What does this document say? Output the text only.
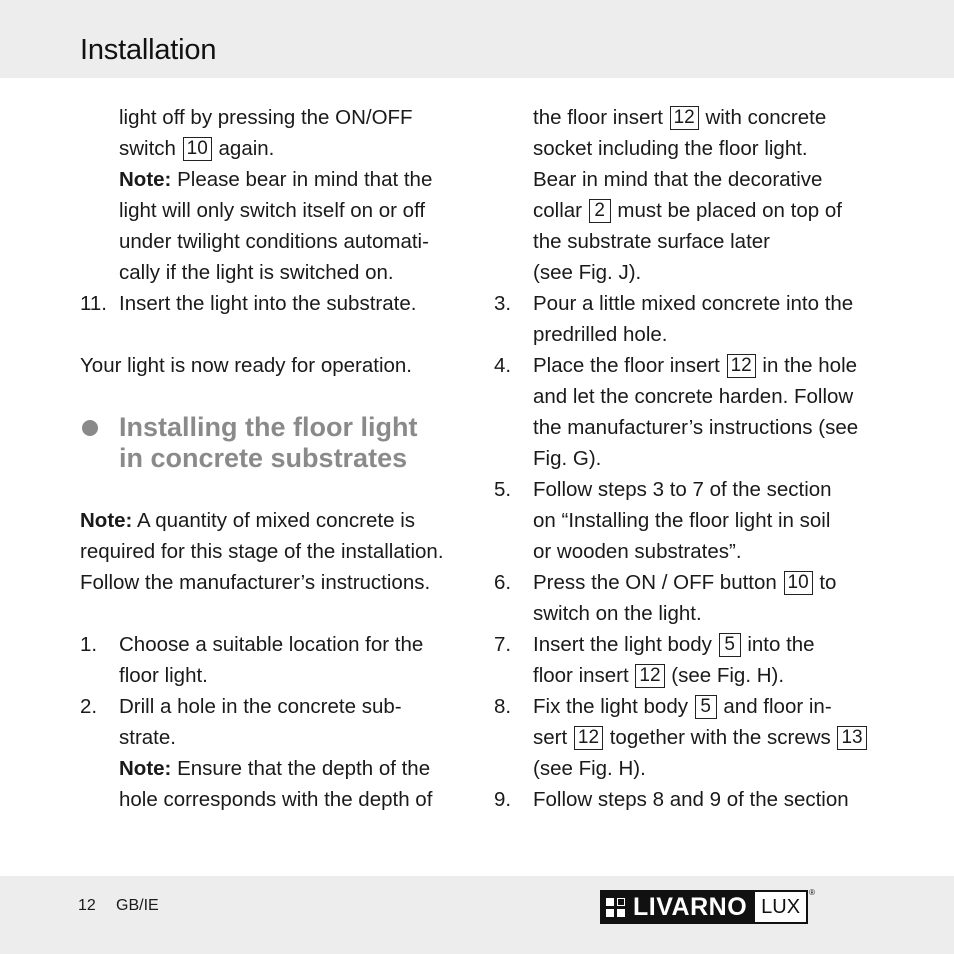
Installation

light off by pressing the ON/OFF

switch 10 again.

Note: Please bear in mind that the

light will only switch itself on or off

under twilight conditions automati-

cally if the light is switched on.

11. Insert the light into the substrate.

Your light is now ready for operation.

Installing the floor light
in concrete substrates

Note: A quantity of mixed concrete is

required for this stage of the installation.

Follow the manufacturer’s instructions.

1. Choose a suitable location for the
floor light.
2. Drill a hole in the concrete sub-
strate.
Note: Ensure that the depth of the
hole corresponds with the depth of

the floor insert 12 with concrete

socket including the floor light.

Bear in mind that the decorative

collar 2 must be placed on top of

the substrate surface later

(see Fig. J).

3. Pour a little mixed concrete into the
predrilled hole.
4. Place the floor insert 12 in the hole
and let the concrete harden. Follow
the manufacturer’s instructions (see
Fig. G).
5. Follow steps 3 to 7 of the section
on “Installing the floor light in soil
or wooden substrates”.
6. Press the ON / OFF button 10 to
switch on the light.
7. Insert the light body 5 into the
floor insert 12 (see Fig. H).
8. Fix the light body 5 and floor in-
sert 12 together with the screws 13
(see Fig. H).
9. Follow steps 8 and 9 of the section
12 GB/IE	LIVARNO LUX
®
